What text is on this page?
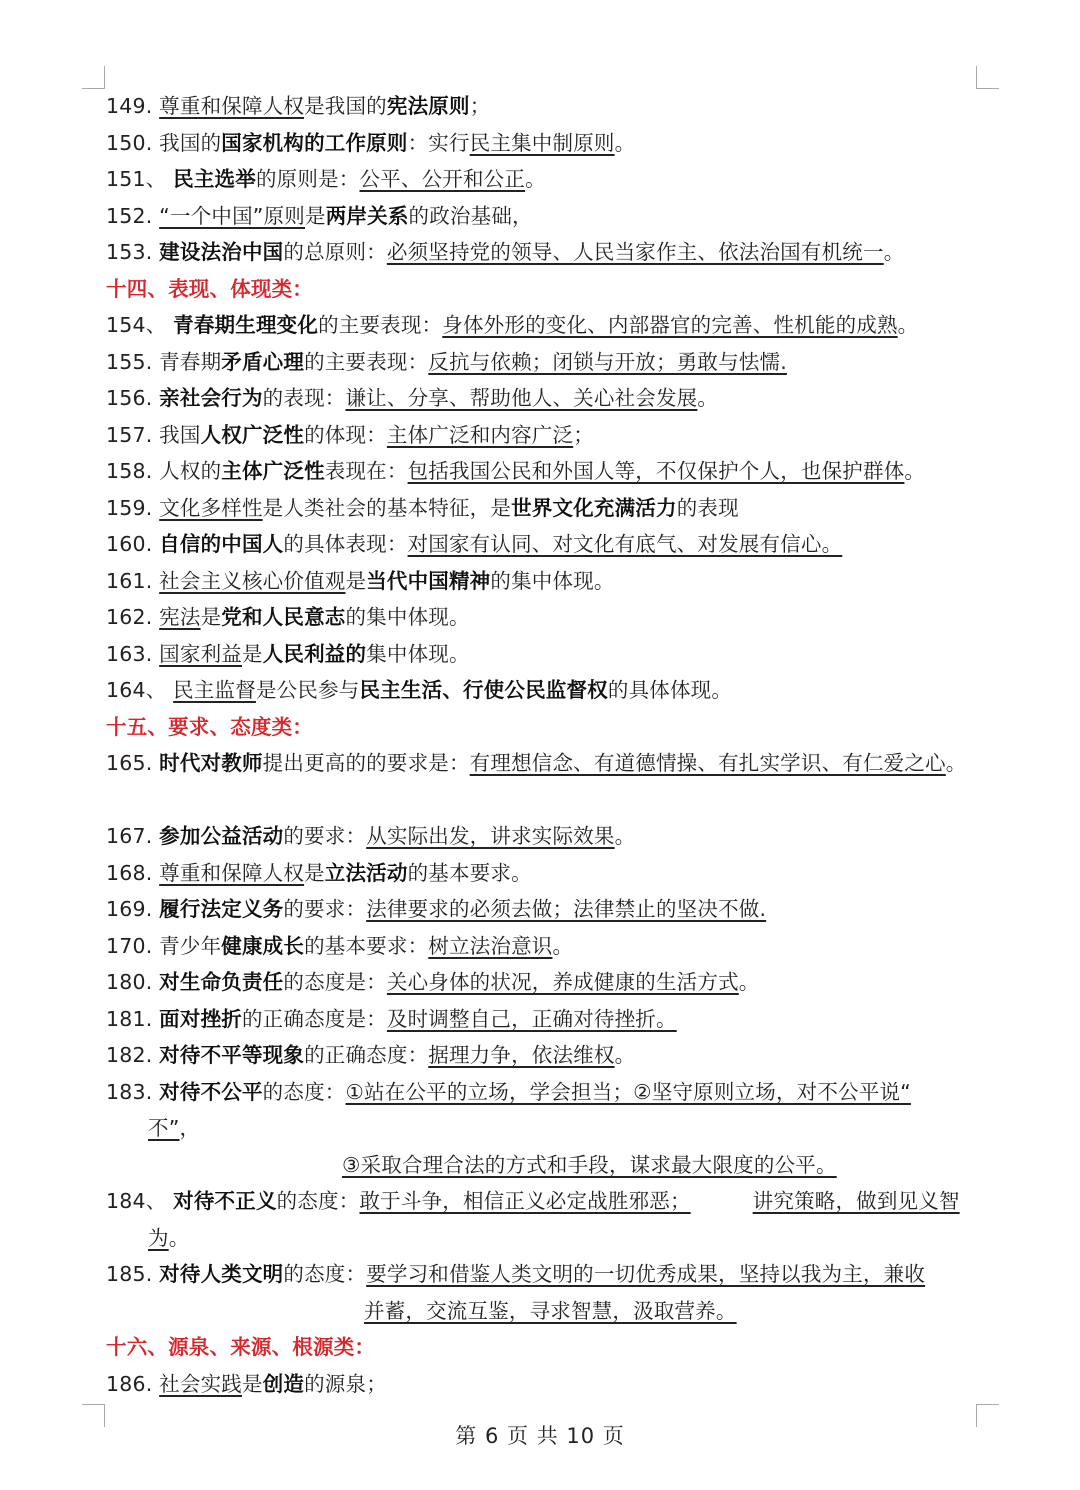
149. 尊重和保障人权是我国的宪法原则；
150. 我国的国家机构的工作原则：实行民主集中制原则。
151、 民主选举的原则是：公平、公开和公正。
152. “一个中国”原则是两岸关系的政治基础，
153. 建设法治中国的总原则：必须坚持党的领导、人民当家作主、依法治国有机统一。
十四、表现、体现类：
154、 青春期生理变化的主要表现：身体外形的变化、内部器官的完善、性机能的成熟。
155. 青春期矛盾心理的主要表现：反抗与依赖；闭锁与开放；勇敢与怯懦.
156. 亲社会行为的表现：谦让、分享、帮助他人、关心社会发展。
157. 我国人权广泛性的体现：主体广泛和内容广泛；
158. 人权的主体广泛性表现在：包括我国公民和外国人等，不仅保护个人，也保护群体。
159. 文化多样性是人类社会的基本特征，是世界文化充满活力的表现
160. 自信的中国人的具体表现：对国家有认同、对文化有底气、对发展有信心。
161. 社会主义核心价值观是当代中国精神的集中体现。
162. 宪法是党和人民意志的集中体现。
163. 国家利益是人民利益的集中体现。
164、 民主监督是公民参与民主生活、行使公民监督权的具体体现。
十五、要求、态度类：
165. 时代对教师提出更高的的要求是：有理想信念、有道德情操、有扎实学识、有仁爱之心。
167. 参加公益活动的要求：从实际出发，讲求实际效果。
168. 尊重和保障人权是立法活动的基本要求。
169. 履行法定义务的要求：法律要求的必须去做；法律禁止的坚决不做.
170. 青少年健康成长的基本要求：树立法治意识。
180. 对生命负责任的态度是：关心身体的状况，养成健康的生活方式。
181. 面对挫折的正确态度是：及时调整自己，正确对待挫折。
182. 对待不平等现象的正确态度：据理力争，依法维权。
183. 对待不公平的态度：①站在公平的立场，学会担当；②坚守原则立场，对不公平说“
不”，
③采取合理合法的方式和手段，谋求最大限度的公平。
184、 对待不正义的态度：敢于斗争，相信正义必定战胜邪恶；	讲究策略，做到见义智
为。
185. 对待人类文明的态度：要学习和借鉴人类文明的一切优秀成果，坚持以我为主，兼收
并蓄，交流互鉴，寻求智慧，汲取营养。
十六、源泉、来源、根源类：
186. 社会实践是创造的源泉；
第 6 页 共 10 页
